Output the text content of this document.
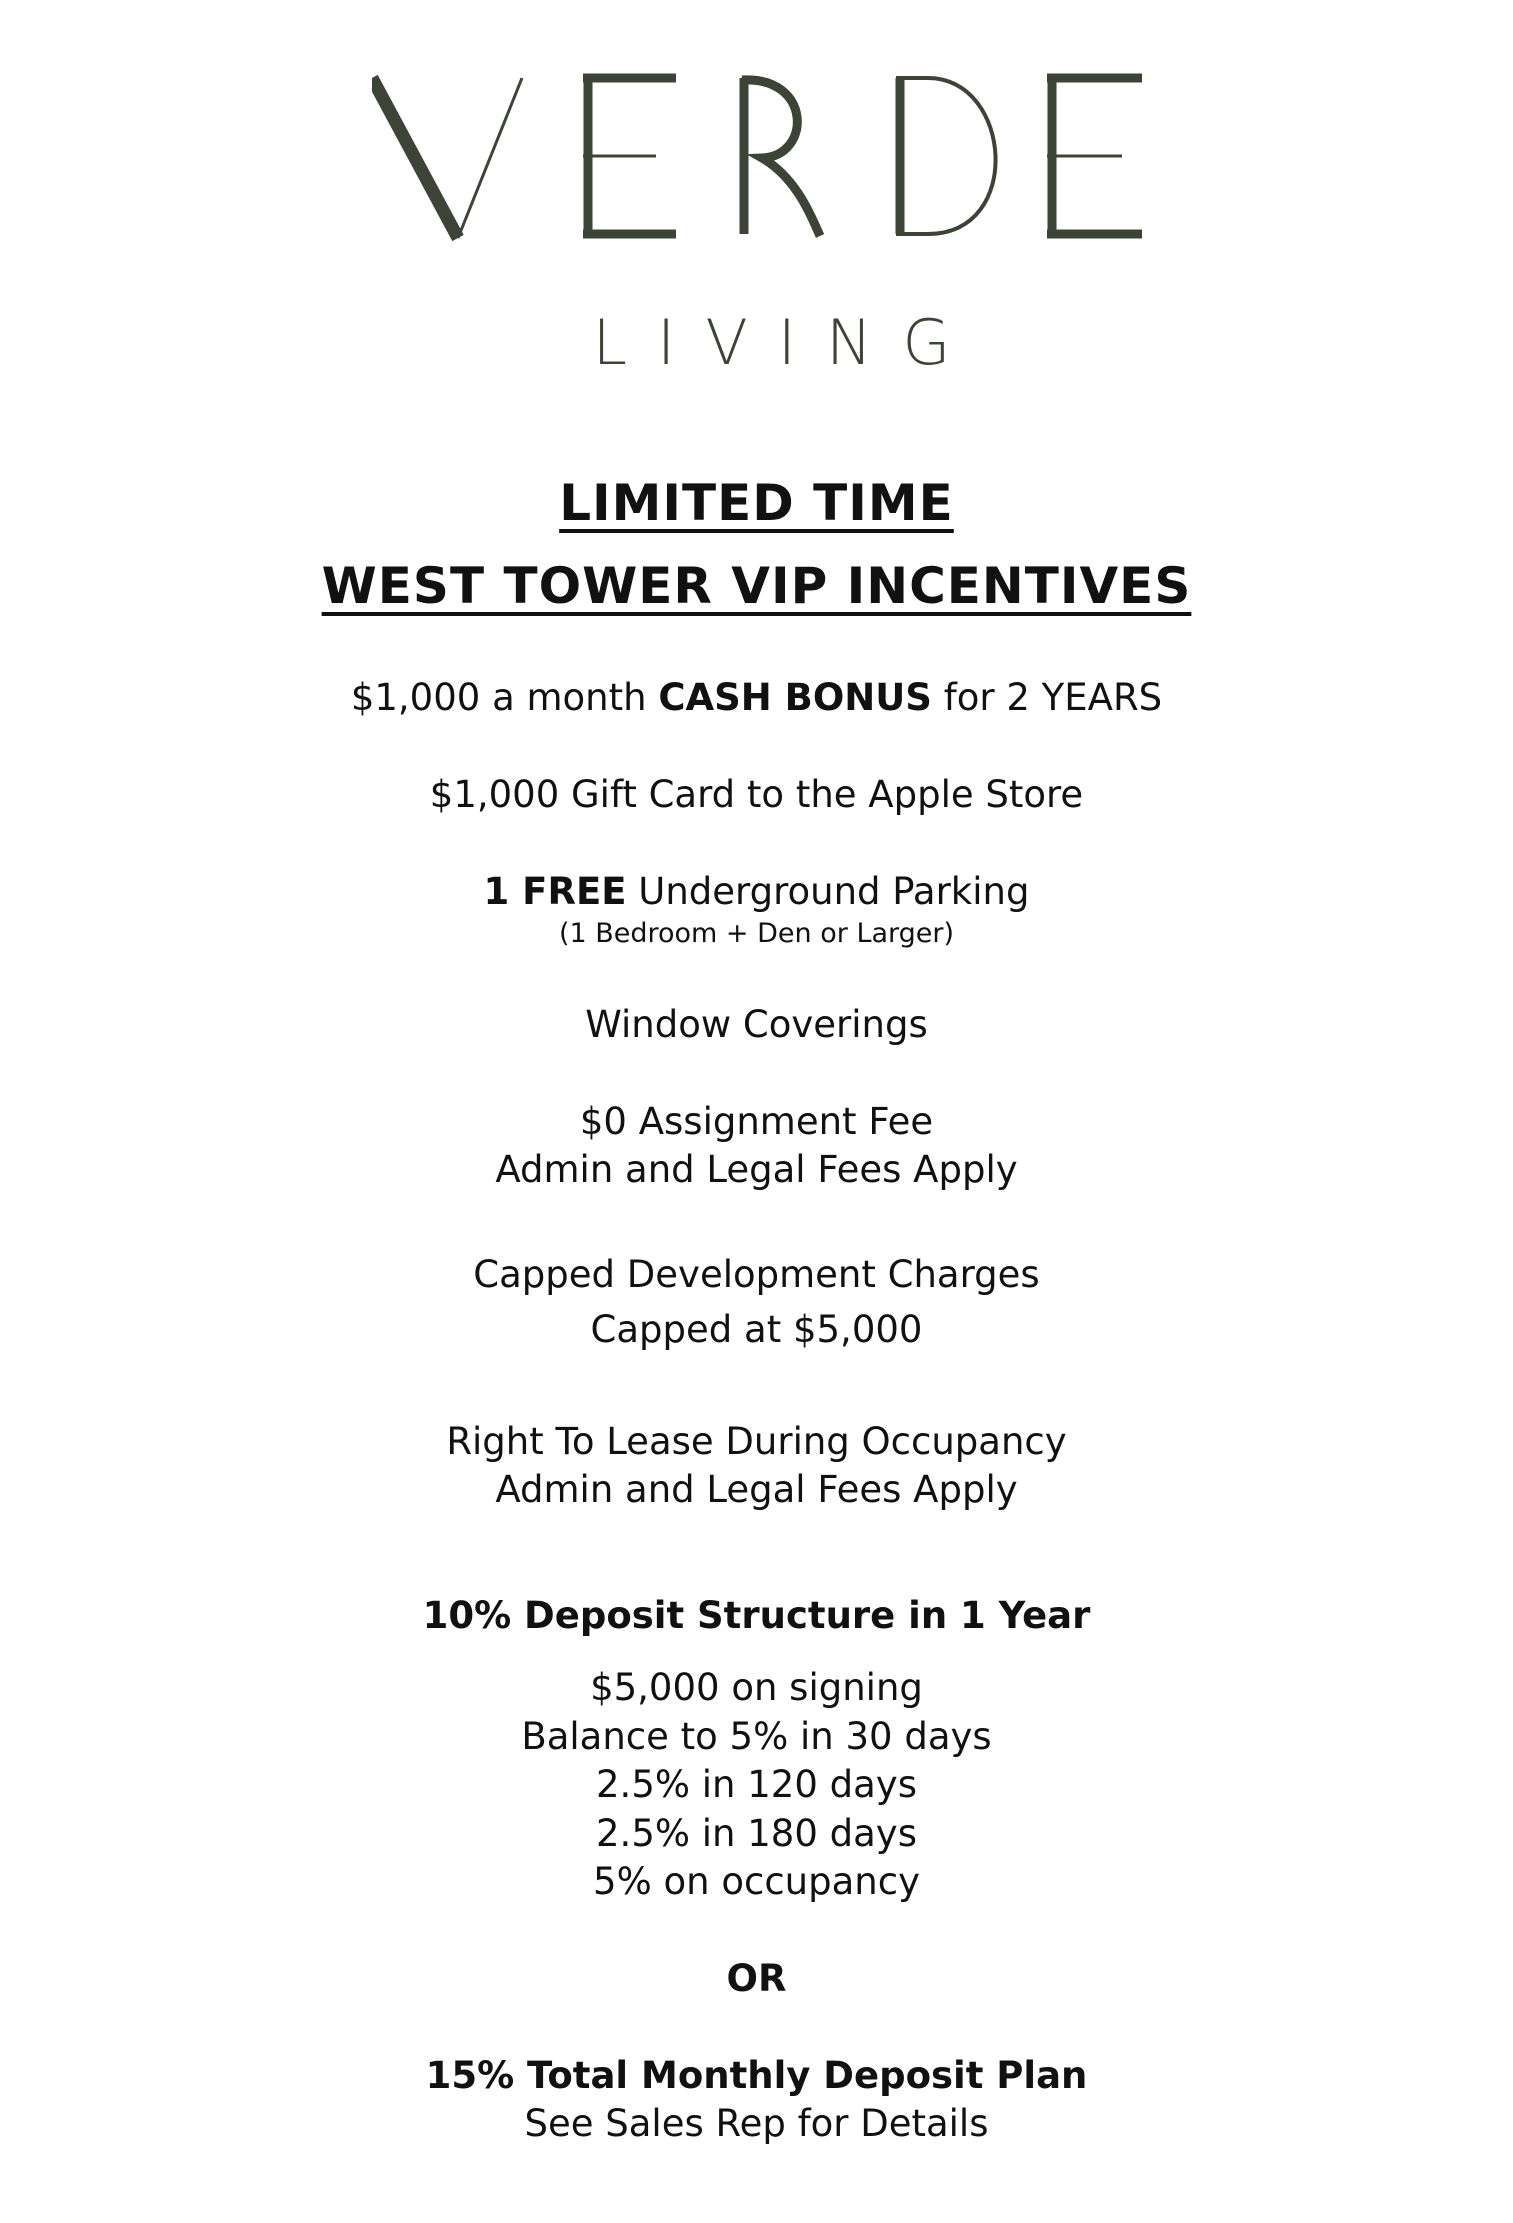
LIVING
LIMITED TIME
WEST TOWER VIP INCENTIVES
$1,000 a month CASH BONUS for 2 YEARS
$1,000 Gift Card to the Apple Store
1 FREE Underground Parking
(1 Bedroom + Den or Larger)
Window Coverings
$0 Assignment Fee
Admin and Legal Fees Apply
Capped Development Charges
Capped at $5,000
Right To Lease During Occupancy
Admin and Legal Fees Apply
10% Deposit Structure in 1 Year
$5,000 on signing
Balance to 5% in 30 days
2.5% in 120 days
2.5% in 180 days
5% on occupancy
OR
15% Total Monthly Deposit Plan
See Sales Rep for Details
